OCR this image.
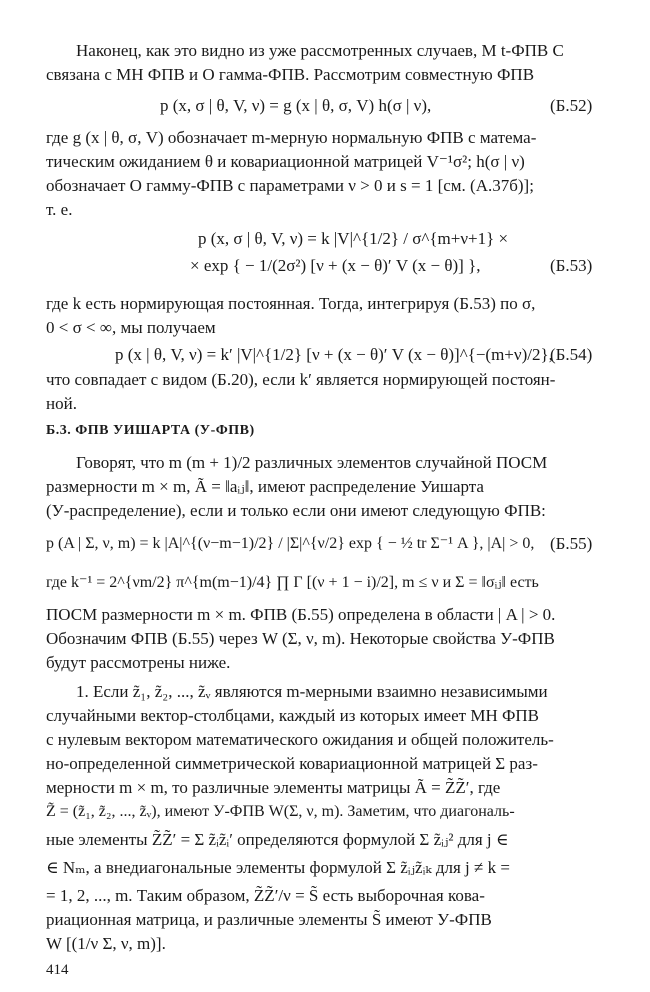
Наконец, как это видно из уже рассмотренных случаев, М t-ФПВ С
связана с МН ФПВ и О гамма-ФПВ. Рассмотрим совместную ФПВ
p (x, σ | θ, V, ν) = g (x | θ, σ, V) h(σ | ν),	(Б.52)
где g (x | θ, σ, V) обозначает m-мерную нормальную ФПВ с матема-
тическим ожиданием θ и ковариационной матрицей V⁻¹σ²; h(σ | ν)
обозначает О гамму-ФПВ с параметрами ν > 0 и s = 1 [см. (А.37б)];
т. е.
p (x, σ | θ, V, ν) = k |V|^{1/2} / σ^{m+ν+1} ×
× exp { − 1/(2σ²) [ν + (x − θ)′ V (x − θ)] },	(Б.53)
где k есть нормирующая постоянная. Тогда, интегрируя (Б.53) по σ,
0 < σ < ∞, мы получаем
p (x | θ, V, ν) = k′ |V|^{1/2} [ν + (x − θ)′ V (x − θ)]^{−(m+ν)/2},
(Б.54)
что совпадает с видом (Б.20), если k′ является нормирующей постоян-
ной.
Б.3. ФПВ УИШАРТА (У-ФПВ)
Говорят, что m (m + 1)/2 различных элементов случайной ПОСМ
размерности m × m, Ã = ‖aᵢⱼ‖, имеют распределение Уишарта
(У-распределение), если и только если они имеют следующую ФПВ:
p (A | Σ, ν, m) = k |A|^{(ν−m−1)/2} / |Σ|^{ν/2} exp { − ½ tr Σ⁻¹ A }, |A| > 0, (Б.55)
где k⁻¹ = 2^{νm/2} π^{m(m−1)/4} ∏ Γ [(ν + 1 − i)/2], m ≤ ν и Σ = ‖σᵢⱼ‖ есть
ПОСМ размерности m × m. ФПВ (Б.55) определена в области | A | > 0.
Обозначим ФПВ (Б.55) через W (Σ, ν, m). Некоторые свойства У-ФПВ
будут рассмотрены ниже.
1. Если z̃₁, z̃₂, ..., z̃ᵥ являются m-мерными взаимно независимыми
случайными вектор-столбцами, каждый из которых имеет МН ФПВ
с нулевым вектором математического ожидания и общей положитель-
но-определенной симметрической ковариационной матрицей Σ раз-
мерности m × m, то различные элементы матрицы Ã = Z̃Z̃′, где
Z̃ = (z̃₁, z̃₂, ..., z̃ᵥ), имеют У-ФПВ W(Σ, ν, m). Заметим, что диагональ-
ные элементы Z̃Z̃′ = Σ z̃ᵢz̃ᵢ′ определяются формулой Σ z̃ᵢⱼ² для j ∈
∈ Nₘ, а внедиагональные элементы формулой Σ z̃ᵢⱼz̃ᵢₖ для j ≠ k =
= 1, 2, ..., m. Таким образом, Z̃Z̃′/ν = S̃ есть выборочная кова-
риационная матрица, и различные элементы S̃ имеют У-ФПВ
W [(1/ν Σ, ν, m)].
414
